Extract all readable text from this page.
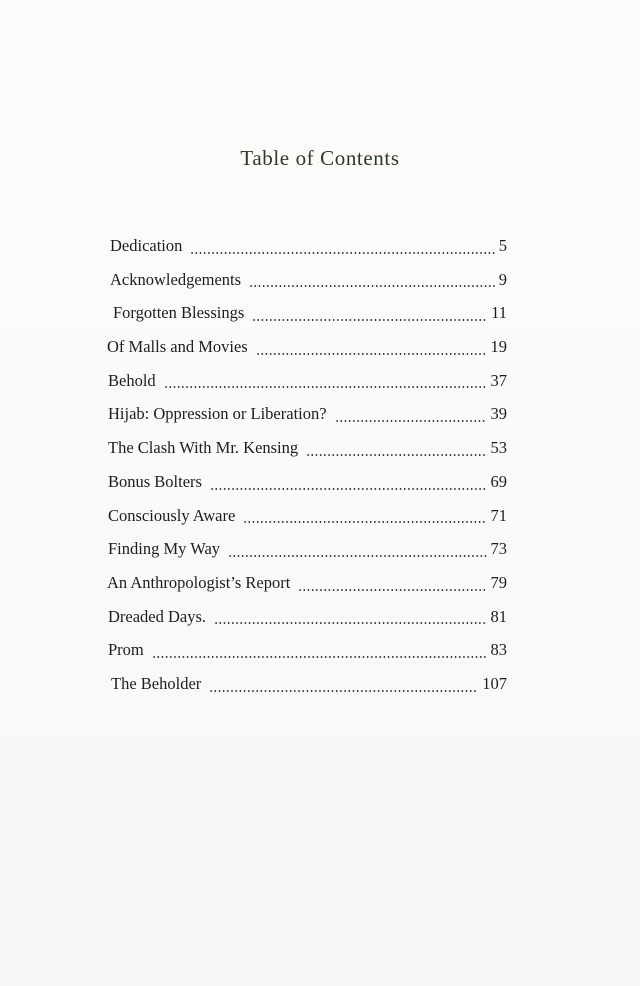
Table of Contents
Dedication	5
Acknowledgements	9
Forgotten Blessings	11
Of Malls and Movies	19
Behold	37
Hijab: Oppression or Liberation?	39
The Clash With Mr. Kensing	53
Bonus Bolters	69
Consciously Aware	71
Finding My Way	73
An Anthropologist’s Report	79
Dreaded Days.	81
Prom	83
The Beholder	107
